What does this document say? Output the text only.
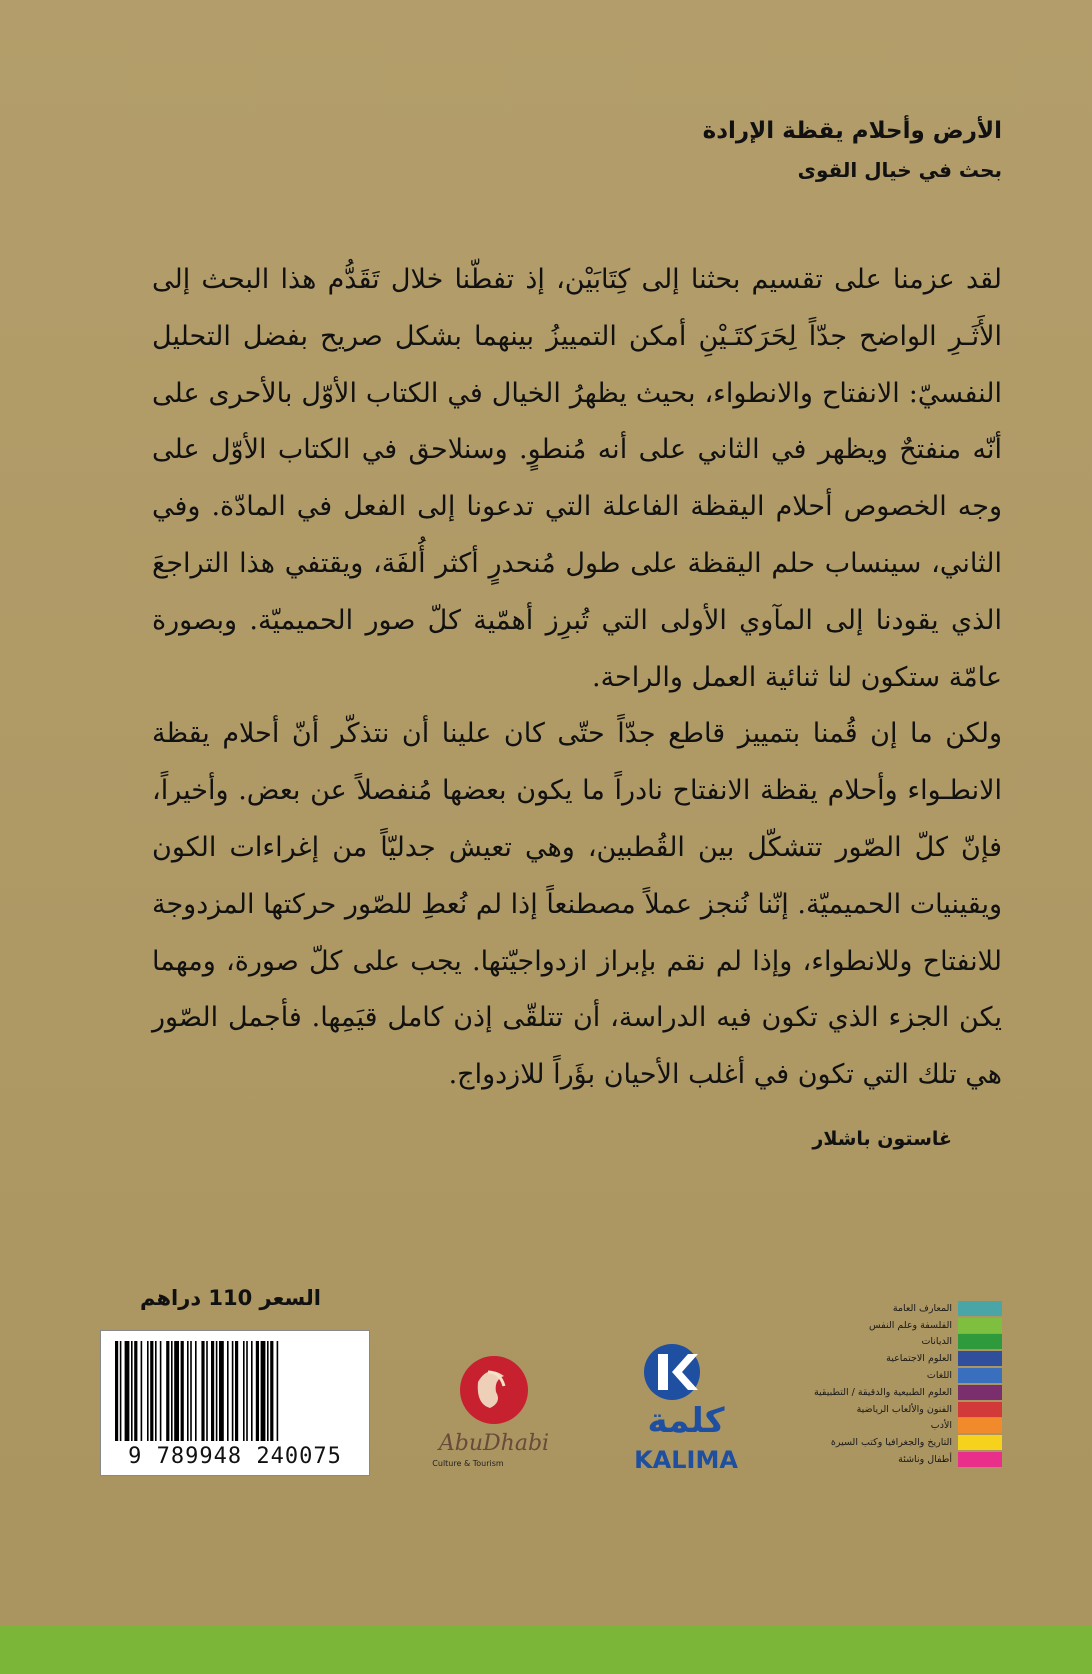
الأرض وأحلام يقظة الإرادة

بحث في خيال القوى

لقد عزمنا على تقسيم بحثنا إلى كِتَابَيْن، إذ تفطّنا خلال تَقَدُّم هذا البحث إلى الأَثَـرِ الواضح جدّاً لِحَرَكتَـيْنِ أمكن التمييزُ بينهما بشكل صريح بفضل التحليل النفسيّ: الانفتاح والانطواء، بحيث يظهرُ الخيال في الكتاب الأوّل بالأحرى على أنّه منفتحٌ ويظهر في الثاني على أنه مُنطوٍ. وسنلاحق في الكتاب الأوّل على وجه الخصوص أحلام اليقظة الفاعلة التي تدعونا إلى الفعل في المادّة. وفي الثاني، سينساب حلم اليقظة على طول مُنحدرٍ أكثر أُلفَة، ويقتفي هذا التراجعَ الذي يقودنا إلى المآوي الأولى التي تُبرِز أهمّية كلّ صور الحميميّة. وبصورة عامّة ستكون لنا ثنائية العمل والراحة.

ولكن ما إن قُمنا بتمييز قاطع جدّاً حتّى كان علينا أن نتذكّر أنّ أحلام يقظة الانطـواء وأحلام يقظة الانفتاح نادراً ما يكون بعضها مُنفصلاً عن بعض. وأخيراً، فإنّ كلّ الصّور تتشكّل بين القُطبين، وهي تعيش جدليّاً من إغراءات الكون ويقينيات الحميميّة. إنّنا نُنجز عملاً مصطنعاً إذا لم نُعطِ للصّور حركتها المزدوجة للانفتاح وللانطواء، وإذا لم نقم بإبراز ازدواجيّتها. يجب على كلّ صورة، ومهما يكن الجزء الذي تكون فيه الدراسة، أن تتلقّى إذن كامل قيَمِها. فأجمل الصّور هي تلك التي تكون في أغلب الأحيان بؤَراً للازدواج.

غاستون باشلار
السعر 110 دراهم
9 789948 240075
AbuDhabi
Culture & Tourism
كلمة
KALIMA
المعارف العامة
الفلسفة وعلم النفس
الديانات
العلوم الاجتماعية
اللغات
العلوم الطبيعية والدقيقة / التطبيقية
الفنون والألعاب الرياضية
الأدب
التاريخ والجغرافيا وكتب السيرة
أطفال وناشئة
